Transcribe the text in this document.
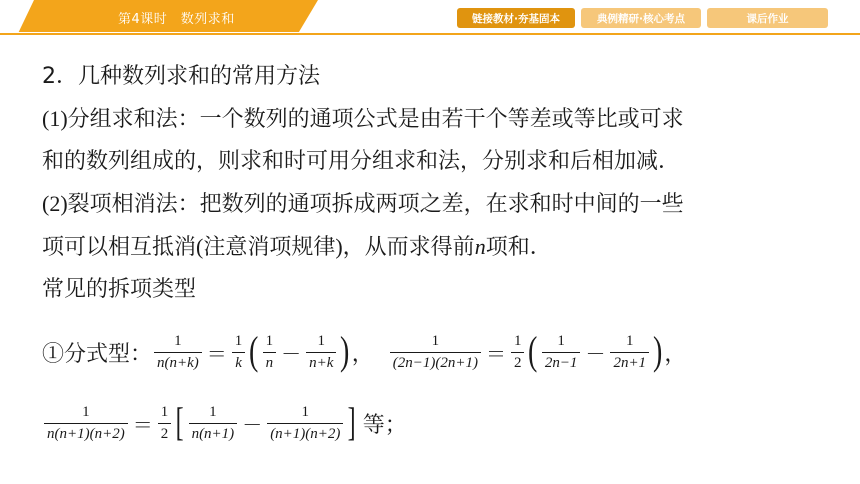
第4课时　数列求和	链接教材·夯基固本	典例精研·核心考点	课后作业
2．几种数列求和的常用方法
(1)分组求和法：一个数列的通项公式是由若干个等差或等比或可求
和的数列组成的，则求和时可用分组求和法，分别求和后相加减．
(2)裂项相消法：把数列的通项拆成两项之差，在求和时中间的一些
项可以相互抵消(注意消项规律)，从而求得前n项和．
常见的拆项类型
①分式型： $\frac{1}{n(n+k)} = \frac{1}{k}$ ( $\frac{1}{n} - \frac{1}{n+k}$ ) ， $\frac{1}{(2n-1)(2n+1)} = \frac{1}{2}$ ( $\frac{1}{2n-1} - \frac{1}{2n+1}$ ) ，
$\frac{1}{n(n+1)(n+2)} = \frac{1}{2}$ [ $\frac{1}{n(n+1)} - \frac{1}{(n+1)(n+2)}$ ] 等；
